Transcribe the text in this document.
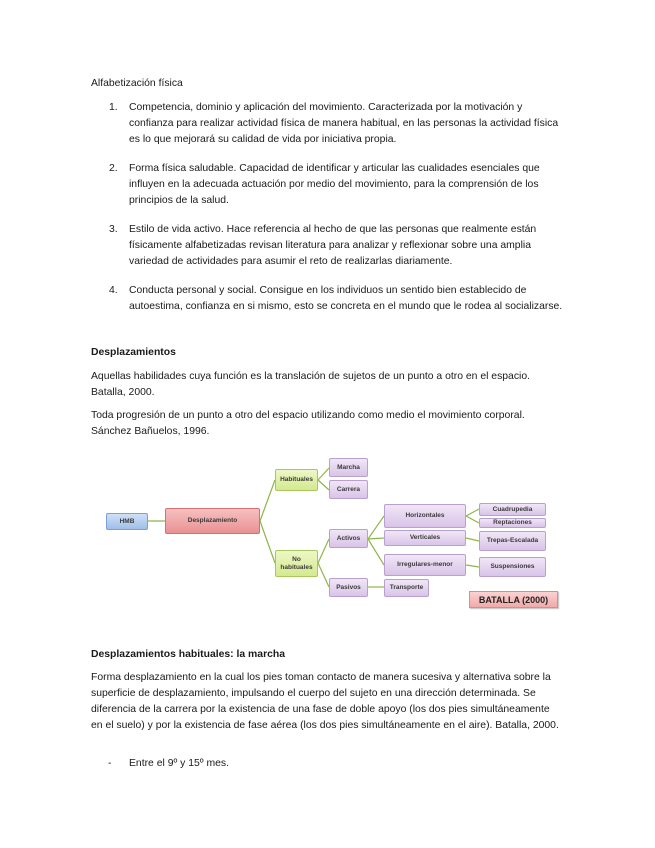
Alfabetización física

1. Competencia, dominio y aplicación del movimiento. Caracterizada por la motivación y confianza para realizar actividad física de manera habitual, en las personas la actividad física es lo que mejorará su calidad de vida por iniciativa propia.
2. Forma física saludable. Capacidad de identificar y articular las cualidades esenciales que influyen en la adecuada actuación por medio del movimiento, para la comprensión de los principios de la salud.
3. Estilo de vida activo. Hace referencia al hecho de que las personas que realmente están físicamente alfabetizadas revisan literatura para analizar y reflexionar sobre una amplia variedad de actividades para asumir el reto de realizarlas diariamente.
4. Conducta personal y social. Consigue en los individuos un sentido bien establecido de autoestima, confianza en si mismo, esto se concreta en el mundo que le rodea al socializarse.

Desplazamientos

Aquellas habilidades cuya función es la translación de sujetos de un punto a otro en el espacio. Batalla, 2000.

Toda progresión de un punto a otro del espacio utilizando como medio el movimiento corporal. Sánchez Bañuelos, 1996.

HMB	Desplazamiento
Habituales
No habituales
Marcha
Carrera
Activos
Pasivos
Horizontales
Verticales
Irregulares-menor
Transporte
Cuadrupedia
Reptaciones
Trepas-Escalada
Suspensiones
BATALLA (2000)

Desplazamientos habituales: la marcha

Forma desplazamiento en la cual los pies toman contacto de manera sucesiva y alternativa sobre la superficie de desplazamiento, impulsando el cuerpo del sujeto en una dirección determinada. Se diferencia de la carrera por la existencia de una fase de doble apoyo (los dos pies simultáneamente en el suelo) y por la existencia de fase aérea (los dos pies simultáneamente en el aire). Batalla, 2000.

- Entre el 9º y 15º mes.
